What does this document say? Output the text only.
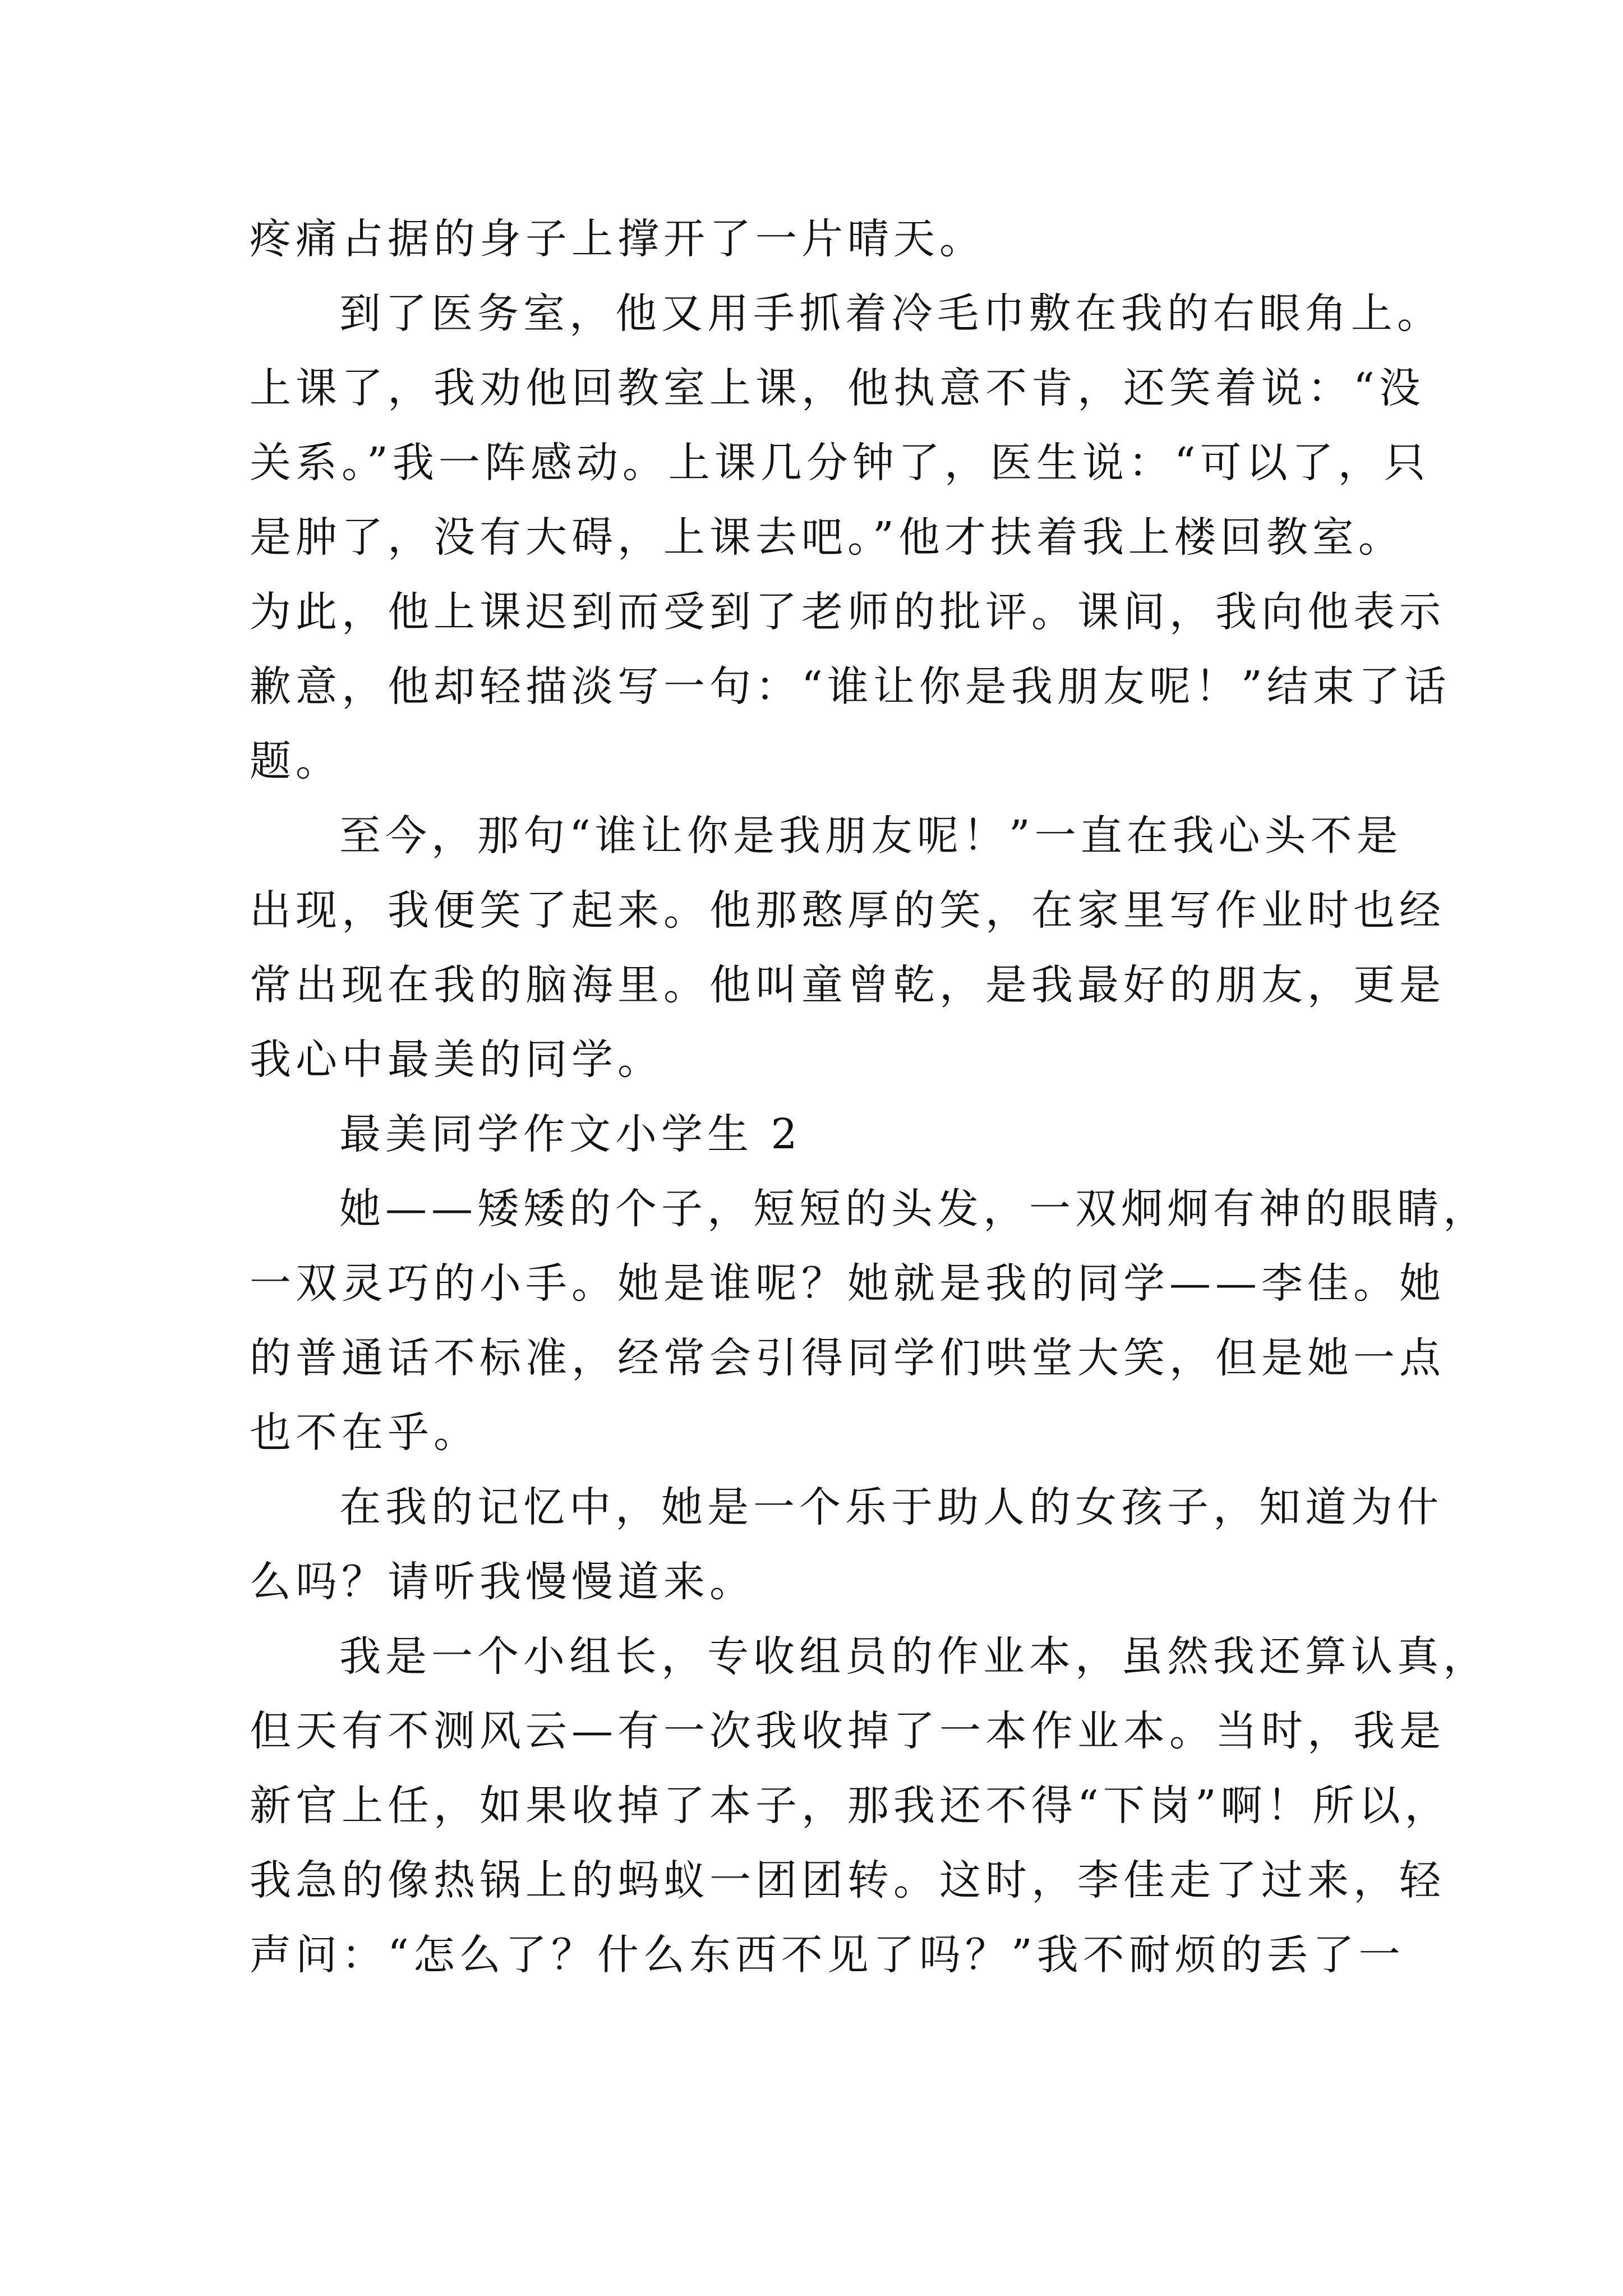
疼痛占据的身子上撑开了一片晴天。
到了医务室，他又用手抓着冷毛巾敷在我的右眼角上。
上课了，我劝他回教室上课，他执意不肯，还笑着说：“没
关系。”我一阵感动。上课几分钟了，医生说：“可以了，只
是肿了，没有大碍，上课去吧。”他才扶着我上楼回教室。
为此，他上课迟到而受到了老师的批评。课间，我向他表示
歉意，他却轻描淡写一句：“谁让你是我朋友呢！”结束了话
题。
至今，那句“谁让你是我朋友呢！”一直在我心头不是
出现，我便笑了起来。他那憨厚的笑，在家里写作业时也经
常出现在我的脑海里。他叫童曾乾，是我最好的朋友，更是
我心中最美的同学。
最美同学作文小学生 2
她——矮矮的个子，短短的头发，一双炯炯有神的眼睛，
一双灵巧的小手。她是谁呢？她就是我的同学——李佳。她
的普通话不标准，经常会引得同学们哄堂大笑，但是她一点
也不在乎。
在我的记忆中，她是一个乐于助人的女孩子，知道为什
么吗？请听我慢慢道来。
我是一个小组长，专收组员的作业本，虽然我还算认真，
但天有不测风云—有一次我收掉了一本作业本。当时，我是
新官上任，如果收掉了本子，那我还不得“下岗”啊！所以，
我急的像热锅上的蚂蚁一团团转。这时，李佳走了过来，轻
声问：“怎么了？什么东西不见了吗？”我不耐烦的丢了一
